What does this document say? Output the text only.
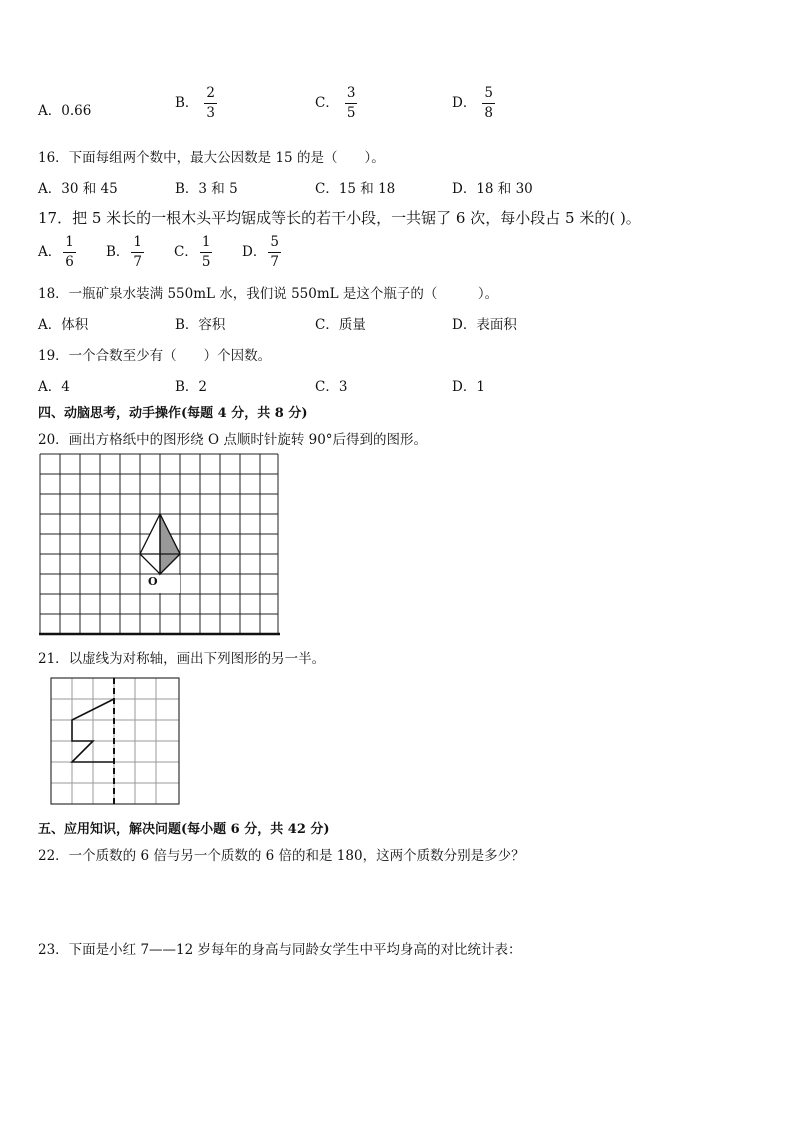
A．0.66	B． $\frac{2}{3}$	C． $\frac{3}{5}$	D． $\frac{5}{8}$
16．下面每组两个数中，最大公因数是 15 的是（　　）。
A．30 和 45	B．3 和 5	C．15 和 18	D．18 和 30
17．把 5 米长的一根木头平均锯成等长的若干小段，一共锯了 6 次，每小段占 5 米的( )。
A． $\frac{1}{6}$ B． $\frac{1}{7}$ C． $\frac{1}{5}$ D． $\frac{5}{7}$
18．一瓶矿泉水装满 550mL 水，我们说 550mL 是这个瓶子的（　　　）。
A．体积	B．容积	C．质量	D．表面积
19．一个合数至少有（　　）个因数。
A．4	B．2	C．3	D．1
四、动脑思考，动手操作(每题 4 分，共 8 分)
20．画出方格纸中的图形绕 O 点顺时针旋转 90°后得到的图形。
O
21．以虚线为对称轴，画出下列图形的另一半。
五、应用知识，解决问题(每小题 6 分，共 42 分)
22．一个质数的 6 倍与另一个质数的 6 倍的和是 180，这两个质数分别是多少？
23．下面是小红 7——12 岁每年的身高与同龄女学生中平均身高的对比统计表：
